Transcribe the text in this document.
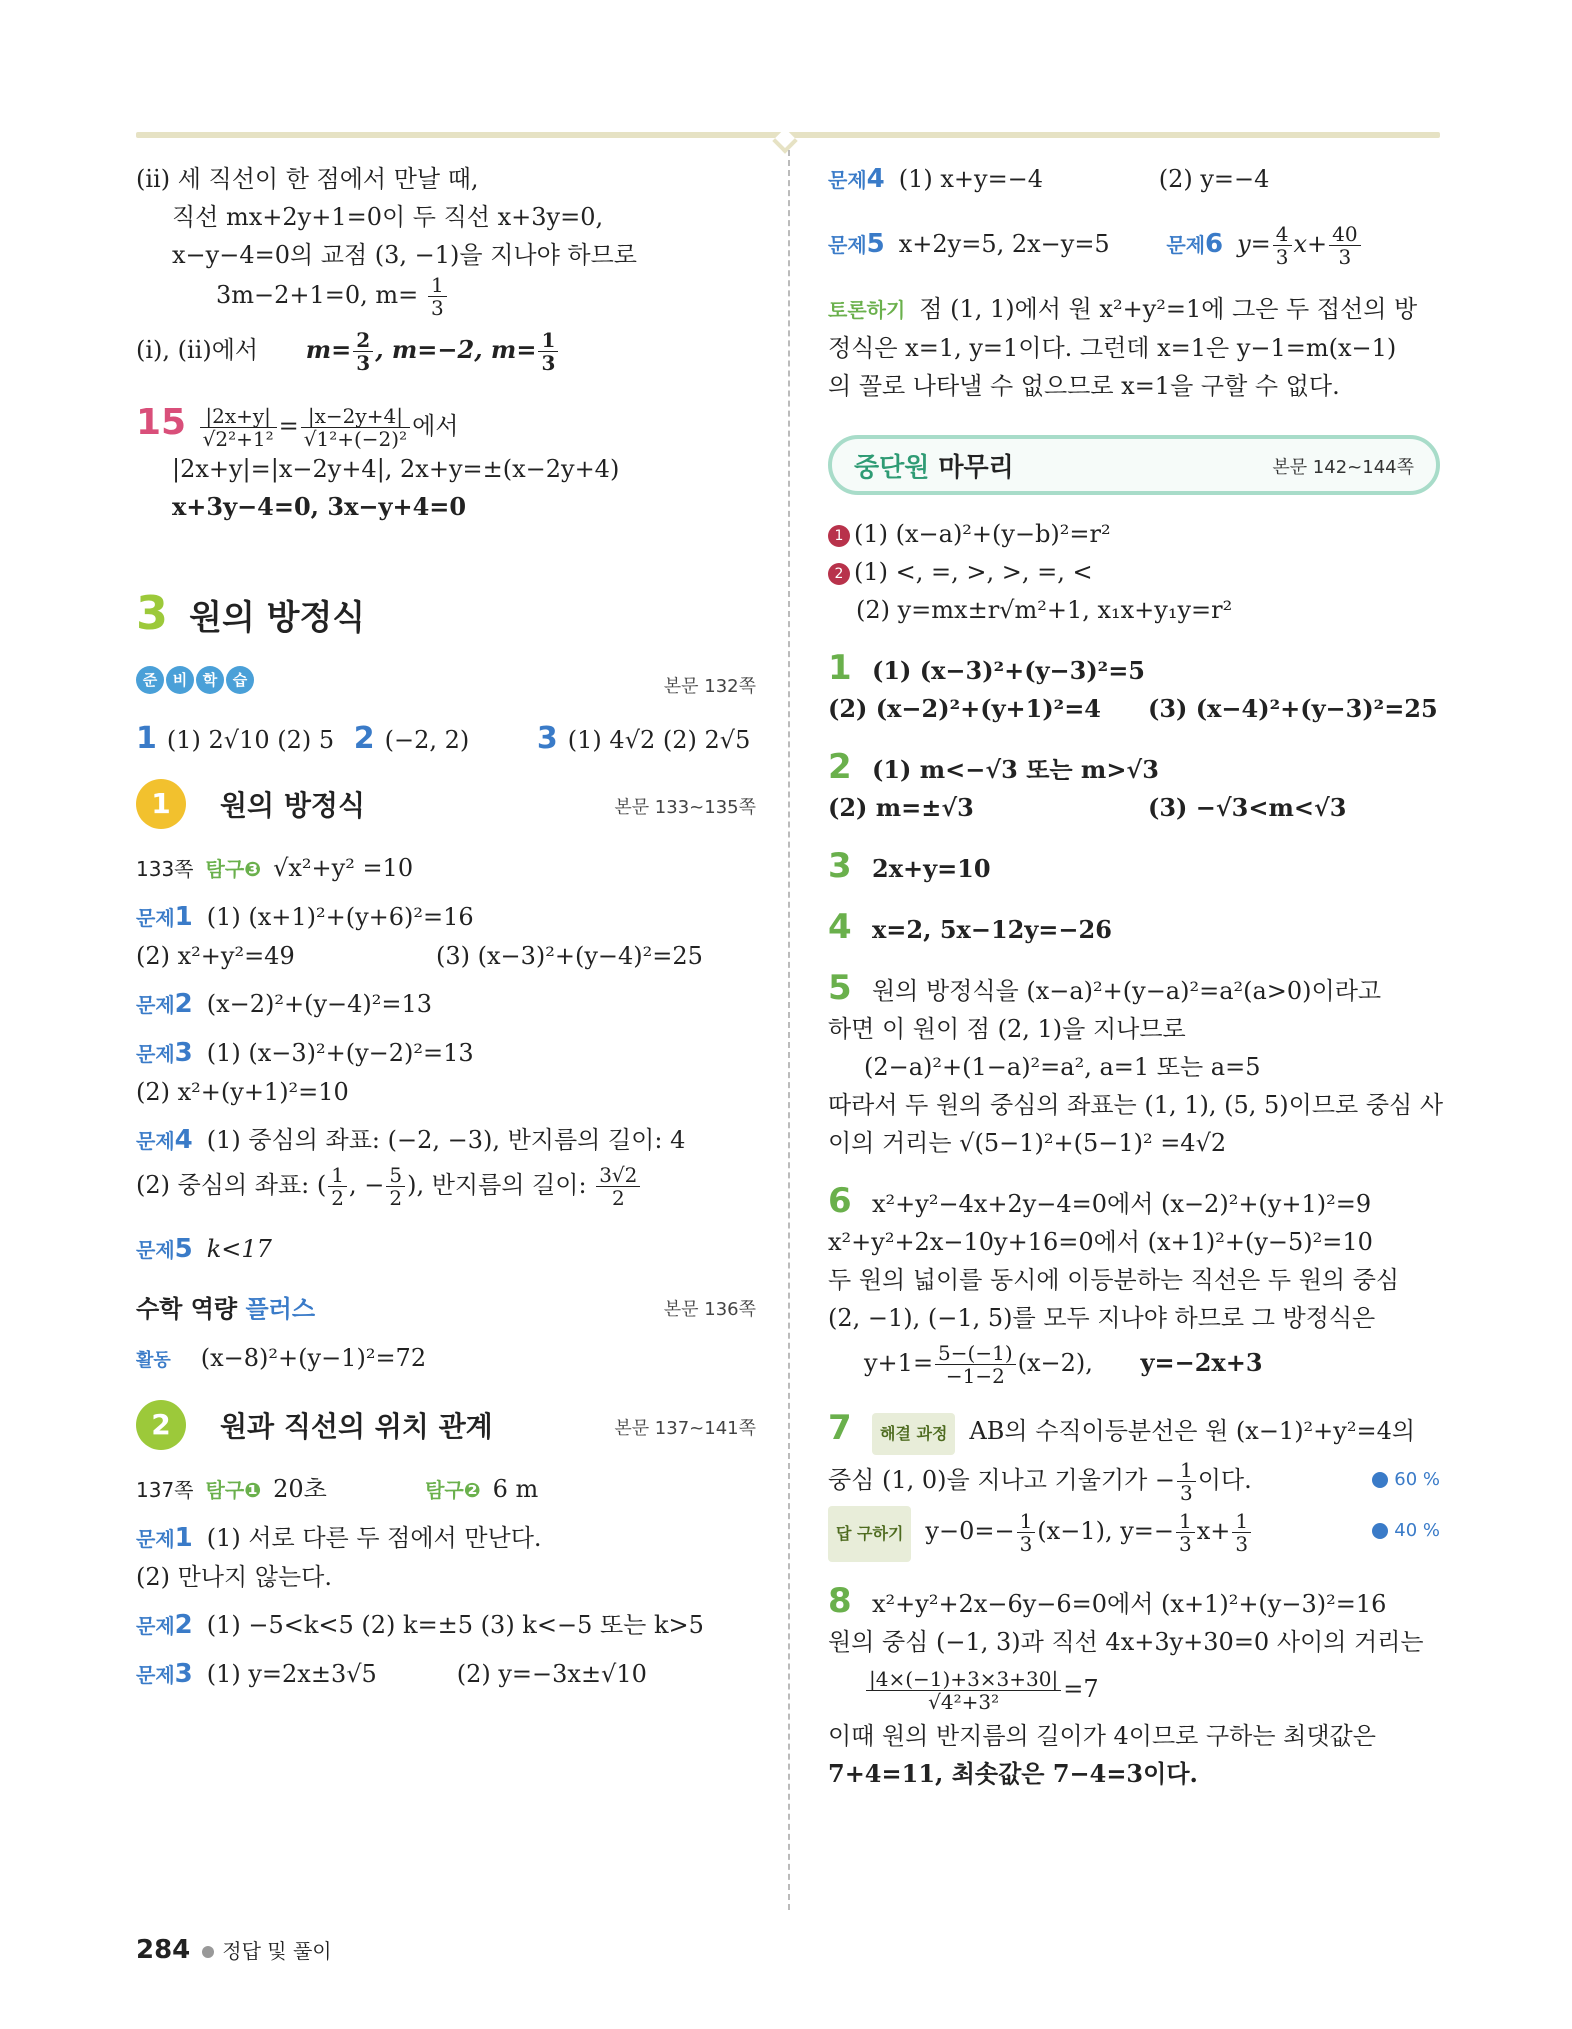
(ⅱ) 세 직선이 한 점에서 만날 때,
직선 mx+2y+1=0이 두 직선 x+3y=0,
x−y−4=0의 교점 (3, −1)을 지나야 하므로
3m−2+1=0, $m= \frac{1}{3}$
(ⅰ), (ⅱ)에서 $m= \frac{2}{3}$ , m=−2, $m= \frac{1}{3}$
$15 \frac{|2x+y|}{\text{√2²+1²}} = \frac{|x-2y+4|}{\text{√1²+(−2)²}}$ 에서
|2x+y|=|x−2y+4|, 2x+y=±(x−2y+4)
x+3y−4=0, 3x−y+4=0
3 원의 방정식
준 비 학 습	본문 132쪽
1 (1) 2√10 (2) 5 2 (−2, 2) 3 (1) 4√2 (2) 2√5
1 원의 방정식	본문 133~135쪽
133쪽 탐구❸ √x²+y² =10
문제1 (1) (x+1)²+(y+6)²=16
(2) x²+y²=49	(3) (x−3)²+(y−4)²=25
문제2 (x−2)²+(y−4)²=13
문제3 (1) (x−3)²+(y−2)²=13
(2) x²+(y+1)²=10
문제4 (1) 중심의 좌표: (−2, −3), 반지름의 길이: 4
(2) 중심의 좌표: ( $\frac{1}{2}$ , − $\frac{5}{2}$ ), 반지름의 길이: $\frac{3√2}{2}$
문제5 k<17
수학 역량 플러스	본문 136쪽
활동 (x−8)²+(y−1)²=72
2 원과 직선의 위치 관계	본문 137~141쪽
137쪽 탐구❶ 20초	탐구❷ 6 m
문제1 (1) 서로 다른 두 점에서 만난다.
(2) 만나지 않는다.
문제2 (1) −5<k<5 (2) k=±5 (3) k<−5 또는 k>5
문제3 (1) y=2x±3√5	(2) y=−3x±√10
문제4 (1) x+y=−4	(2) y=−4
문제5 x+2y=5, 2x−y=5	문제6 $y= \frac{4}{3} x+ \frac{40}{3}$
토론하기 점 (1, 1)에서 원 x²+y²=1에 그은 두 접선의 방
정식은 x=1, y=1이다. 그런데 x=1은 y−1=m(x−1)
의 꼴로 나타낼 수 없으므로 x=1을 구할 수 없다.
중단원 마무리	본문 142~144쪽
1 (1) (x−a)²+(y−b)²=r²
2 (1) <, =, >, >, =, <
(2) y=mx±r√m²+1, x₁x+y₁y=r²
1 (1) (x−3)²+(y−3)²=5
(2) (x−2)²+(y+1)²=4 (3) (x−4)²+(y−3)²=25
2 (1) m<−√3 또는 m>√3
(2) m=±√3	(3) −√3<m<√3
3 2x+y=10
4 x=2, 5x−12y=−26
5 원의 방정식을 (x−a)²+(y−a)²=a²(a>0)이라고
하면 이 원이 점 (2, 1)을 지나므로
(2−a)²+(1−a)²=a², a=1 또는 a=5
따라서 두 원의 중심의 좌표는 (1, 1), (5, 5)이므로 중심 사
이의 거리는 √(5−1)²+(5−1)² =4√2
6 x²+y²−4x+2y−4=0에서 (x−2)²+(y+1)²=9
x²+y²+2x−10y+16=0에서 (x+1)²+(y−5)²=10
두 원의 넓이를 동시에 이등분하는 직선은 두 원의 중심
(2, −1), (−1, 5)를 모두 지나야 하므로 그 방정식은
$y+1= \frac{5-(-1)}{-1-2} (x-2)$, y=−2x+3
7 해결 과정 AB의 수직이등분선은 원 (x−1)²+y²=4의
중심 (1, 0)을 지나고 기울기가 − $\frac{1}{3}$ 이다.	60 %
답 구하기 $y-0=- \frac{1}{3} (x-1)$, $y=- \frac{1}{3} x+ \frac{1}{3}$	40 %
8 x²+y²+2x−6y−6=0에서 (x+1)²+(y−3)²=16
원의 중심 (−1, 3)과 직선 4x+3y+30=0 사이의 거리는
$\frac{|4\times(-1)+3\times 3+30|}{\text{√4²+3²}} =7$
이때 원의 반지름의 길이가 4이므로 구하는 최댓값은
7+4=11, 최솟값은 7−4=3이다.
284 정답 및 풀이
